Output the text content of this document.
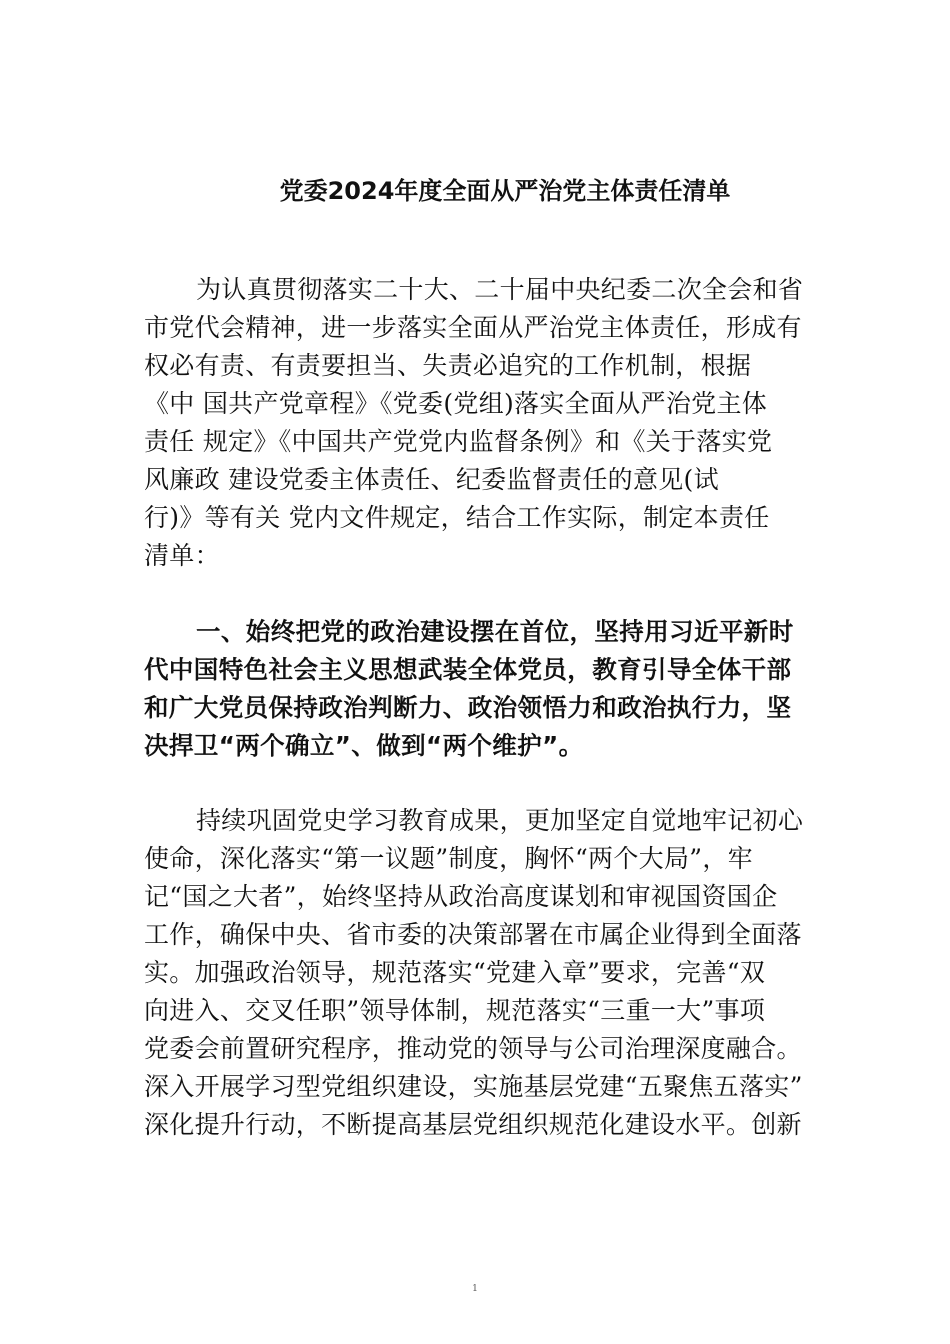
党委2024年度全面从严治党主体责任清单
为认真贯彻落实二十大、二十届中央纪委二次全会和省
市党代会精神，进一步落实全面从严治党主体责任，形成有
权必有责、有责要担当、失责必追究的工作机制，根据
《中 国共产党章程》《党委(党组)落实全面从严治党主体
责任 规定》《中国共产党党内监督条例》和《关于落实党
风廉政 建设党委主体责任、纪委监督责任的意见(试
行)》等有关 党内文件规定，结合工作实际，制定本责任
清单：
一、始终把党的政治建设摆在首位，坚持用习近平新时
代中国特色社会主义思想武装全体党员，教育引导全体干部
和广大党员保持政治判断力、政治领悟力和政治执行力，坚
决捍卫“两个确立”、做到“两个维护”。
持续巩固党史学习教育成果，更加坚定自觉地牢记初心
使命，深化落实“第一议题”制度，胸怀“两个大局”，牢
记“国之大者”，始终坚持从政治高度谋划和审视国资国企
工作，确保中央、省市委的决策部署在市属企业得到全面落
实。加强政治领导，规范落实“党建入章”要求，完善“双
向进入、交叉任职”领导体制，规范落实“三重一大”事项
党委会前置研究程序，推动党的领导与公司治理深度融合。
深入开展学习型党组织建设，实施基层党建“五聚焦五落实”
深化提升行动，不断提高基层党组织规范化建设水平。创新
1
